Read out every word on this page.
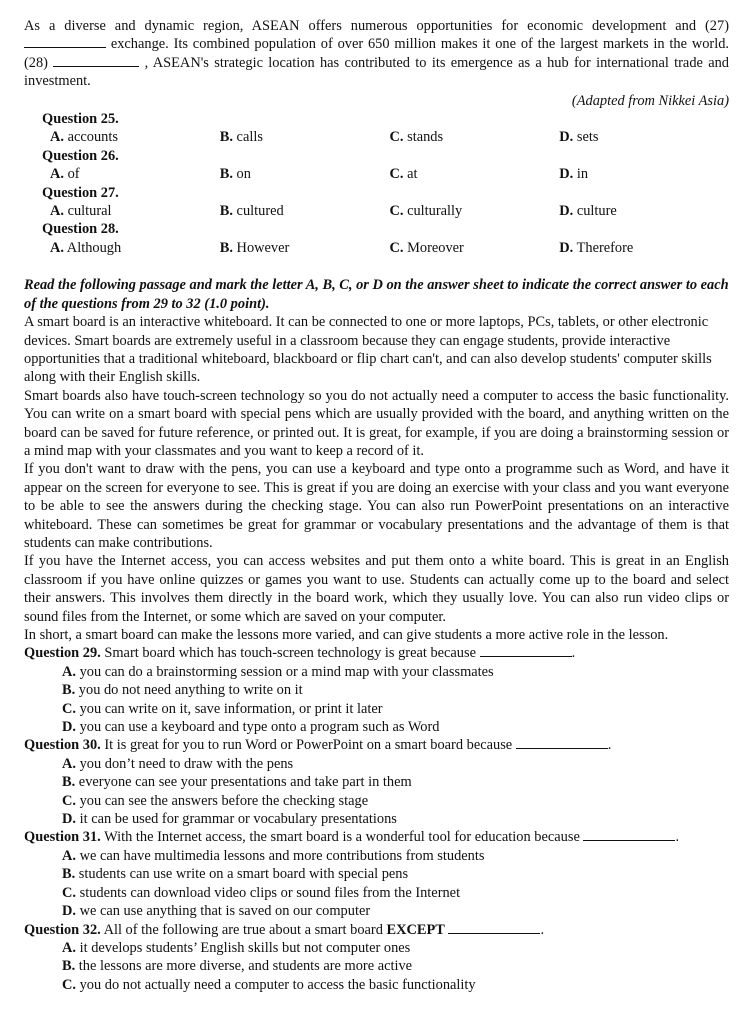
As a diverse and dynamic region, ASEAN offers numerous opportunities for economic development and (27)  exchange. Its combined population of over 650 million makes it one of the largest markets in the world. (28)	, ASEAN's strategic location has contributed to its emergence as a hub for international trade and investment.

(Adapted from Nikkei Asia)

Question 25.

A. accounts	B. calls	C. stands	D. sets

Question 26.

A. of	B. on	C. at	D. in

Question 27.

A. cultural	B. cultured	C. culturally	D. culture

Question 28.

A. Although	B. However	C. Moreover	D. Therefore

Read the following passage and mark the letter A, B, C, or D on the answer sheet to indicate the correct answer to each of the questions from 29 to 32 (1.0 point).

A smart board is an interactive whiteboard. It can be connected to one or more laptops, PCs, tablets, or other electronic devices. Smart boards are extremely useful in a classroom because they can engage students, provide interactive opportunities that a traditional whiteboard, blackboard or flip chart can't, and can also develop students' computer skills along with their English skills.

Smart boards also have touch-screen technology so you do not actually need a computer to access the basic functionality. You can write on a smart board with special pens which are usually provided with the board, and anything written on the board can be saved for future reference, or printed out. It is great, for example, if you are doing a brainstorming session or a mind map with your classmates and you want to keep a record of it.

If you don't want to draw with the pens, you can use a keyboard and type onto a programme such as Word, and have it appear on the screen for everyone to see. This is great if you are doing an exercise with your class and you want everyone to be able to see the answers during the checking stage. You can also run PowerPoint presentations on an interactive whiteboard. These can sometimes be great for grammar or vocabulary presentations and the advantage of them is that students can make contributions.

If you have the Internet access, you can access websites and put them onto a white board. This is great in an English classroom if you have online quizzes or games you want to use. Students can actually come up to the board and select their answers. This involves them directly in the board work, which they usually love. You can also run video clips or sound files from the Internet, or some which are saved on your computer.

In short, a smart board can make the lessons more varied, and can give students a more active role in the lesson.

Question 29. Smart board which has touch-screen technology is great because	.

A. you can do a brainstorming session or a mind map with your classmates

B. you do not need anything to write on it

C. you can write on it, save information, or print it later

D. you can use a keyboard and type onto a program such as Word

Question 30. It is great for you to run Word or PowerPoint on a smart board because	.

A. you don’t need to draw with the pens

B. everyone can see your presentations and take part in them

C. you can see the answers before the checking stage

D. it can be used for grammar or vocabulary presentations

Question 31. With the Internet access, the smart board is a wonderful tool for education because	.

A. we can have multimedia lessons and more contributions from students

B. students can use write on a smart board with special pens

C. students can download video clips or sound files from the Internet

D. we can use anything that is saved on our computer

Question 32. All of the following are true about a smart board EXCEPT	.

A. it develops students’ English skills but not computer ones

B. the lessons are more diverse, and students are more active

C. you do not actually need a computer to access the basic functionality
